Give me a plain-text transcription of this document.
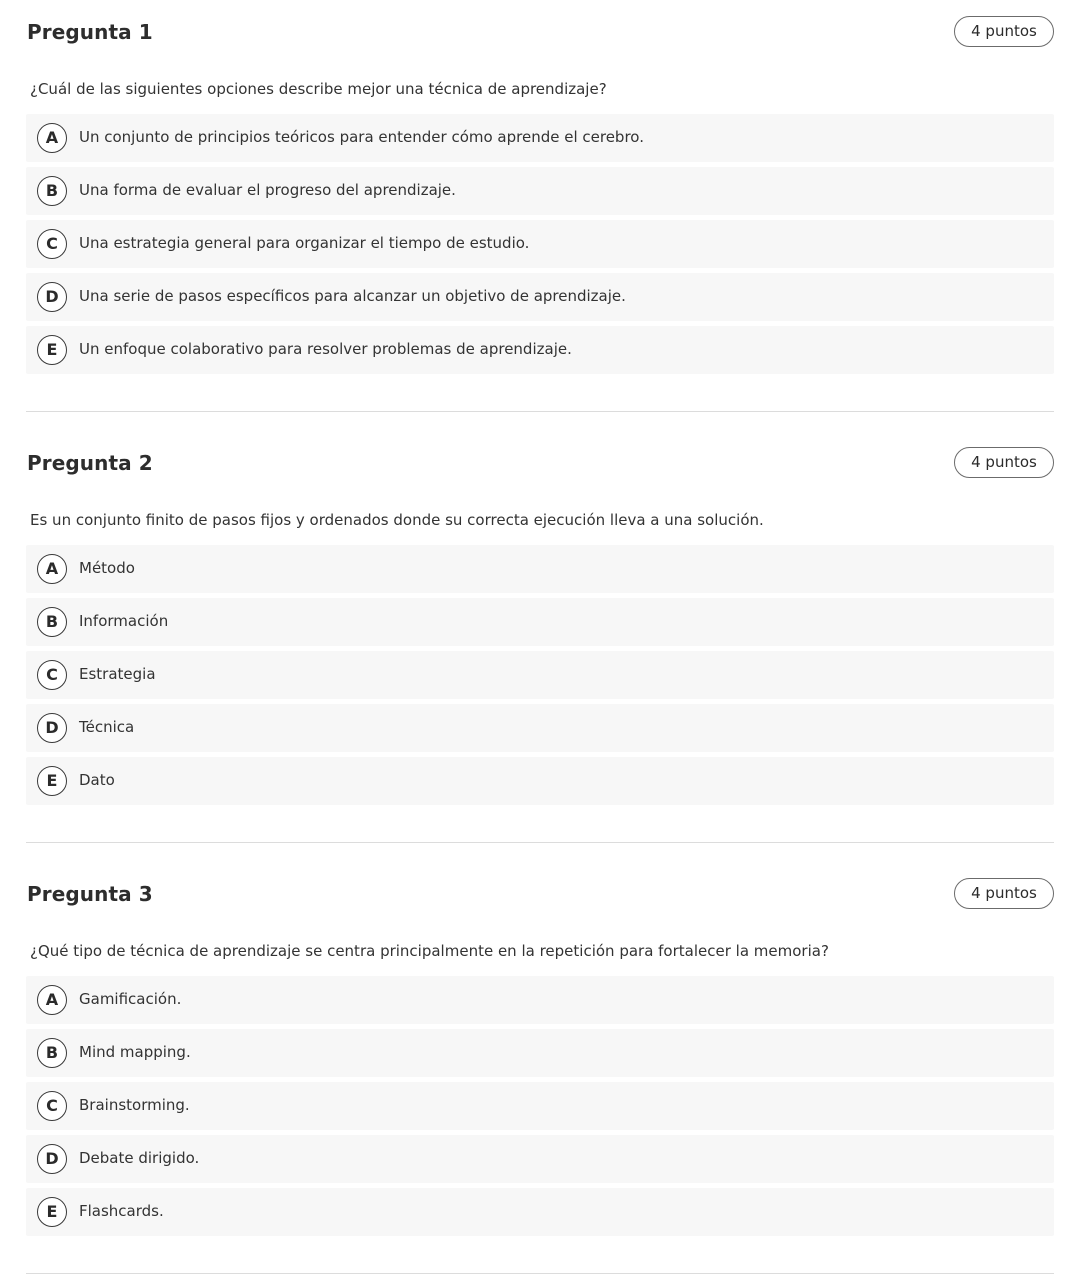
Pregunta 1	4 puntos
¿Cuál de las siguientes opciones describe mejor una técnica de aprendizaje?
A	Un conjunto de principios teóricos para entender cómo aprende el cerebro.
B	Una forma de evaluar el progreso del aprendizaje.
C	Una estrategia general para organizar el tiempo de estudio.
D	Una serie de pasos específicos para alcanzar un objetivo de aprendizaje.
E	Un enfoque colaborativo para resolver problemas de aprendizaje.
Pregunta 2	4 puntos
Es un conjunto finito de pasos fijos y ordenados donde su correcta ejecución lleva a una solución.
A	Método
B	Información
C	Estrategia
D	Técnica
E	Dato
Pregunta 3	4 puntos
¿Qué tipo de técnica de aprendizaje se centra principalmente en la repetición para fortalecer la memoria?
A	Gamificación.
B	Mind mapping.
C	Brainstorming.
D	Debate dirigido.
E	Flashcards.
